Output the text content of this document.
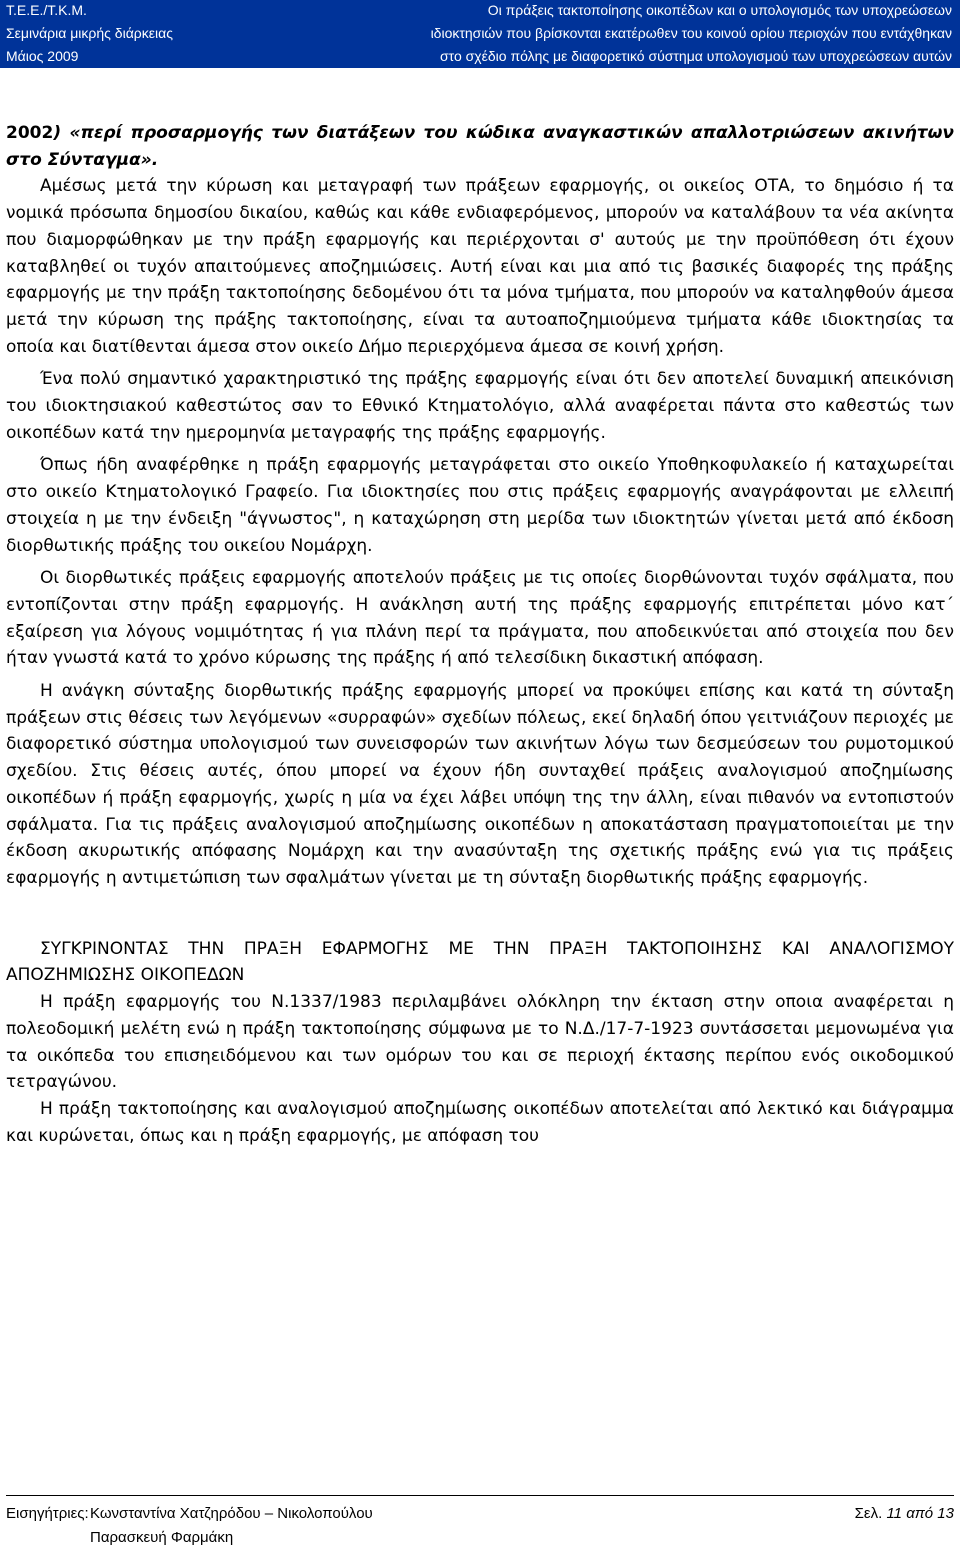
Τ.Ε.Ε./Τ.Κ.Μ.
Σεμινάρια μικρής διάρκειας
Μάιος 2009
Οι πράξεις τακτοποίησης οικοπέδων και ο υπολογισμός των υποχρεώσεων
ιδιοκτησιών που βρίσκονται εκατέρωθεν του κοινού ορίου περιοχών που εντάχθηκαν
στο σχέδιο πόλης με διαφορετικό σύστημα υπολογισμού των υποχρεώσεων αυτών

2002) «περί προσαρμογής των διατάξεων του κώδικα αναγκαστικών απαλλοτριώσεων ακινήτων στο Σύνταγμα».

Αμέσως μετά την κύρωση και μεταγραφή των πράξεων εφαρμογής, οι οικείος ΟΤΑ, το δημόσιο ή τα νομικά πρόσωπα δημοσίου δικαίου, καθώς και κάθε ενδιαφερόμενος, μπορούν να καταλάβουν τα νέα ακίνητα που διαμορφώθηκαν με την πράξη εφαρμογής και περιέρχονται σ' αυτούς με την προϋπόθεση ότι έχουν καταβληθεί οι τυχόν απαιτούμενες αποζημιώσεις. Αυτή είναι και μια από τις βασικές διαφορές της πράξης εφαρμογής με την πράξη τακτοποίησης δεδομένου ότι τα μόνα τμήματα, που μπορούν να καταληφθούν άμεσα μετά την κύρωση της πράξης τακτοποίησης, είναι τα αυτοαποζημιούμενα τμήματα κάθε ιδιοκτησίας τα οποία και διατίθενται άμεσα στον οικείο Δήμο περιερχόμενα άμεσα σε κοινή χρήση.

Ένα πολύ σημαντικό χαρακτηριστικό της πράξης εφαρμογής είναι ότι δεν αποτελεί δυναμική απεικόνιση του ιδιοκτησιακού καθεστώτος σαν το Εθνικό Κτηματολόγιο, αλλά αναφέρεται πάντα στο καθεστώς των οικοπέδων κατά την ημερομηνία μεταγραφής της πράξης εφαρμογής.

Όπως ήδη αναφέρθηκε η πράξη εφαρμογής μεταγράφεται στο οικείο Υποθηκοφυλακείο ή καταχωρείται στο οικείο Κτηματολογικό Γραφείο. Για ιδιοκτησίες που στις πράξεις εφαρμογής αναγράφονται με ελλειπή στοιχεία η με την ένδειξη "άγνωστος", η καταχώρηση στη μερίδα των ιδιοκτητών γίνεται μετά από έκδοση διορθωτικής πράξης του οικείου Νομάρχη.

Οι διορθωτικές πράξεις εφαρμογής αποτελούν πράξεις με τις οποίες διορθώνονται τυχόν σφάλματα, που εντοπίζονται στην πράξη εφαρμογής. Η ανάκληση αυτή της πράξης εφαρμογής επιτρέπεται μόνο κατ΄ εξαίρεση για λόγους νομιμότητας ή για πλάνη περί τα πράγματα, που αποδεικνύεται από στοιχεία που δεν ήταν γνωστά κατά το χρόνο κύρωσης της πράξης ή από τελεσίδικη δικαστική απόφαση.

Η ανάγκη σύνταξης διορθωτικής πράξης εφαρμογής μπορεί να προκύψει επίσης και κατά τη σύνταξη πράξεων στις θέσεις των λεγόμενων «συρραφών» σχεδίων πόλεως, εκεί δηλαδή όπου γειτνιάζουν περιοχές με διαφορετικό σύστημα υπολογισμού των συνεισφορών των ακινήτων λόγω των δεσμεύσεων του ρυμοτομικού σχεδίου. Στις θέσεις αυτές, όπου μπορεί να έχουν ήδη συνταχθεί πράξεις αναλογισμού αποζημίωσης οικοπέδων ή πράξη εφαρμογής, χωρίς η μία να έχει λάβει υπόψη της την άλλη, είναι πιθανόν να εντοπιστούν σφάλματα. Για τις πράξεις αναλογισμού αποζημίωσης οικοπέδων η αποκατάσταση πραγματοποιείται με την έκδοση ακυρωτικής απόφασης Νομάρχη και την ανασύνταξη της σχετικής πράξης ενώ για τις πράξεις εφαρμογής η αντιμετώπιση των σφαλμάτων γίνεται με τη σύνταξη διορθωτικής πράξης εφαρμογής.

ΣΥΓΚΡΙΝΟΝΤΑΣ ΤΗΝ ΠΡΑΞΗ ΕΦΑΡΜΟΓΗΣ ΜΕ ΤΗΝ ΠΡΑΞΗ ΤΑΚΤΟΠΟΙΗΣΗΣ ΚΑΙ ΑΝΑΛΟΓΙΣΜΟΥ ΑΠΟΖΗΜΙΩΣΗΣ ΟΙΚΟΠΕΔΩΝ

Η πράξη εφαρμογής του Ν.1337/1983 περιλαμβάνει ολόκληρη την έκταση στην οποια αναφέρεται η πολεοδομική μελέτη ενώ η πράξη τακτοποίησης σύμφωνα με το Ν.Δ./17-7-1923 συντάσσεται μεμονωμένα για τα οικόπεδα του επισηειδόμενου και των ομόρων του και σε περιοχή έκτασης περίπου ενός οικοδομικού τετραγώνου.

Η πράξη τακτοποίησης και αναλογισμού αποζημίωσης οικοπέδων αποτελείται από λεκτικό και διάγραμμα και κυρώνεται, όπως και η πράξη εφαρμογής, με απόφαση του

Εισηγήτριες: Κωνσταντίνα Χατζηρόδου – Νικολοπούλου
Παρασκευή Φαρμάκη
Σελ. 11 από 13
